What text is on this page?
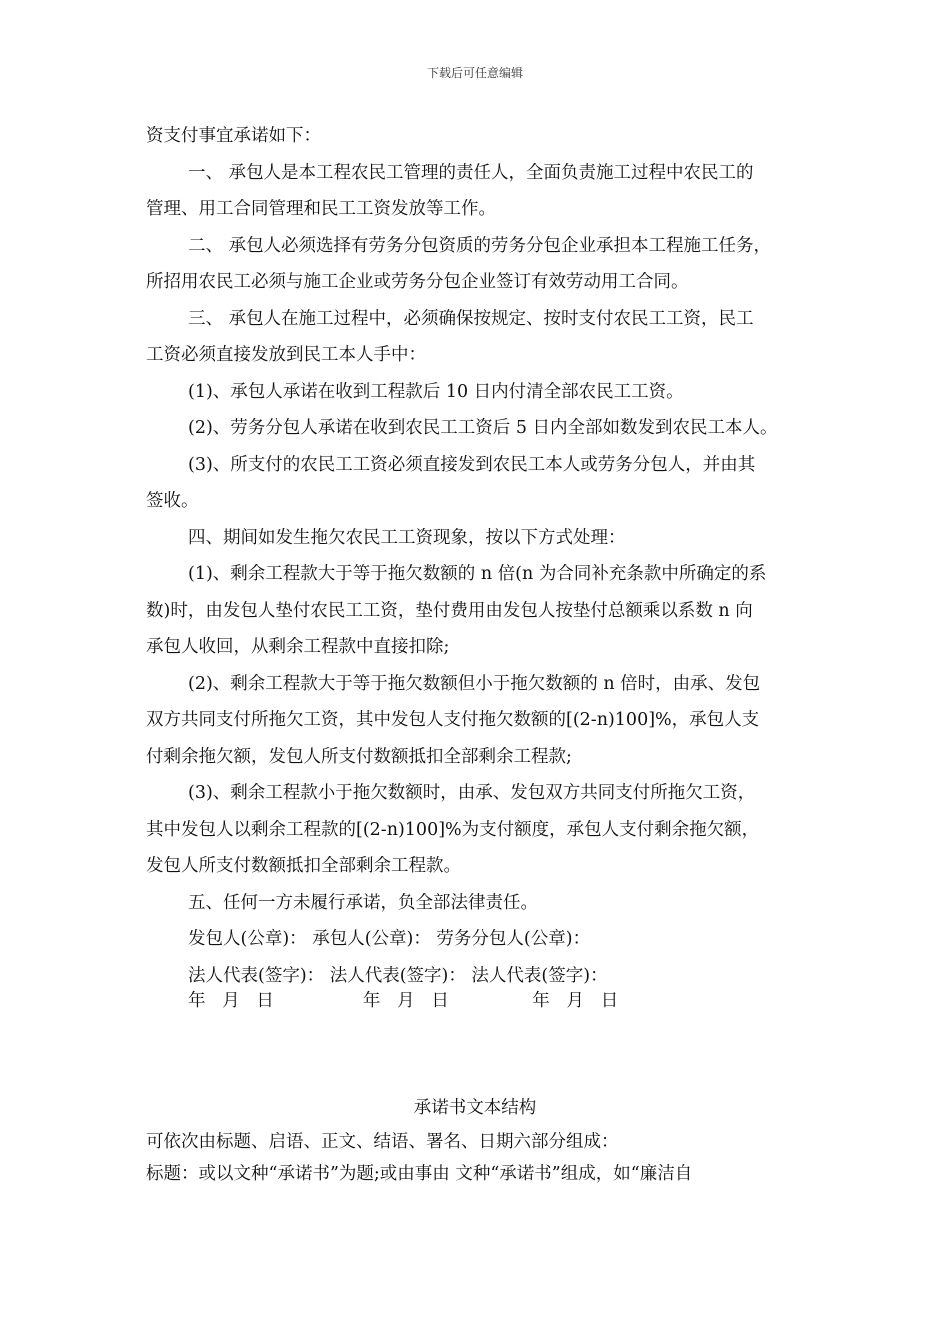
下载后可任意编辑

资支付事宜承诺如下：

一、 承包人是本工程农民工管理的责任人，全面负责施工过程中农民工的

管理、用工合同管理和民工工资发放等工作。

二、 承包人必须选择有劳务分包资质的劳务分包企业承担本工程施工任务，

所招用农民工必须与施工企业或劳务分包企业签订有效劳动用工合同。

三、 承包人在施工过程中，必须确保按规定、按时支付农民工工资，民工

工资必须直接发放到民工本人手中：

(1)、承包人承诺在收到工程款后 10 日内付清全部农民工工资。

(2)、劳务分包人承诺在收到农民工工资后 5 日内全部如数发到农民工本人。

(3)、所支付的农民工工资必须直接发到农民工本人或劳务分包人，并由其

签收。

四、期间如发生拖欠农民工工资现象，按以下方式处理：

(1)、剩余工程款大于等于拖欠数额的 n 倍(n 为合同补充条款中所确定的系

数)时，由发包人垫付农民工工资，垫付费用由发包人按垫付总额乘以系数 n 向

承包人收回，从剩余工程款中直接扣除;

(2)、剩余工程款大于等于拖欠数额但小于拖欠数额的 n 倍时，由承、发包

双方共同支付所拖欠工资，其中发包人支付拖欠数额的[(2-n)100]%，承包人支

付剩余拖欠额，发包人所支付数额抵扣全部剩余工程款;

(3)、剩余工程款小于拖欠数额时，由承、发包双方共同支付所拖欠工资，

其中发包人以剩余工程款的[(2-n)100]%为支付额度，承包人支付剩余拖欠额，

发包人所支付数额抵扣全部剩余工程款。

五、任何一方未履行承诺，负全部法律责任。

发包人(公章)： 承包人(公章)： 劳务分包人(公章)：

法人代表(签字)： 法人代表(签字)： 法人代表(签字)：

年 月 日	年 月 日	年 月 日
承诺书文本结构

可依次由标题、启语、正文、结语、署名、日期六部分组成：

标题：或以文种“承诺书”为题;或由事由 文种“承诺书”组成，如“廉洁自
